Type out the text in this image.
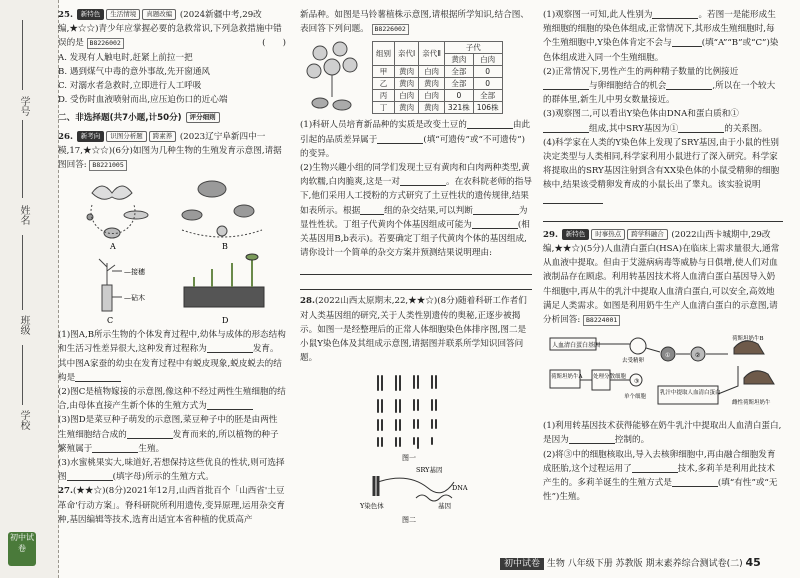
学号
姓名
班级
学校
初中试卷

25. 新特色 生活情境 真题改编 (2024新疆中考,29改编,★☆☆)青少年应掌握必要的急救常识,下列急救措施中错误的是 B8226002	(　　)

A. 发现有人触电时,赶紧上前拉一把

B. 遇到煤气中毒的意外事故,先开窗通风

C. 对溺水者急救时,立即进行人工呼吸

D. 受伤时血液喷射而出,应压迫伤口的近心端

二、非选择题(共7小题,计50分) 评分细则

26. 新考向 识图分析题 跨素养 (2023辽宁阜新四中一模,17,★☆☆)(6分)如图为几种生物的生殖发育示意图,请据图回答: B8221005

A	B
—接穗
—砧木
C	D

(1)图A,B所示生物的个体发育过程中,幼体与成体的形态结构和生活习性差异很大,这种发育过程称为	发育。其中图A家蚕的幼虫在发育过程中有蜕皮现象,蜕皮蜕去的结构是

(2)图C是植物嫁接的示意图,像这种不经过两性生殖细胞的结合,由母体直接产生新个体的生殖方式为

(3)图D是菜豆种子萌发的示意图,菜豆种子中的胚是由两性生殖细胞结合成的	发育而来的,所以植物的种子繁殖属于	生殖。

(3)水蜜桃果实大,味道好,若想保持这些优良的性状,则可选择图	(填字母)所示的生殖方式。

27.(★★☆)(8分)2021年12月,山西首批百个「山西省'土豆革命'行动方案」。脊科研院所利用遗传,变异原理,运用杂交育种,基因编辑等技术,选育出适宜本省种植的优质高产

新品种。如图是马铃薯植株示意图,请根据所学知识,结合图、表回答下列问题。 B8226002

组别	亲代Ⅰ	亲代Ⅱ	子代	
			黄肉	白肉
甲	黄肉	白肉	全部	0
乙	黄肉	黄肉	全部	0
丙	白肉	白肉	0	全部
丁	黄肉	黄肉	321株	106株

(1)科研人员培育新品种的实质是改变土豆的	由此引起的品质差异属于	(填“可遗传”或“不可遗传”)的变异。

(2)生物兴趣小组的同学们发现土豆有黄肉和白肉两种类型,黄肉软糯,白肉脆爽,这是一对	。在农科院老师的指导下,他们采用人工授粉的方式研究了土豆性状的遗传规律,结果如表所示。根据	组的杂交结果,可以判断	为显性性状。丁组子代黄肉个体基因组成可能为	(相关基因用B,b表示)。若要确定丁组子代黄肉个体的基因组成,请你设计一个简单的杂交方案并预测结果说明理由:

28.(2022山西太原期末,22,★★☆)(8分)随着科研工作者们对人类基因组的研究,关于人类性别遗传的奥秘,正逐步被揭示。如图一是经整理后的正常人体细胞染色体排序图,图二是小鼠Y染色体及其组成示意图,请据图并联系所学知识回答问题。

图一
SRY基因
DNA
基因
Y染色体
图二

(1)观察图一可知,此人性别为	。若图一是能形成生殖细胞的细胞的染色体组成,正常情况下,其形成生殖细胞时,每个生殖细胞中,Y染色体肯定不会与	(填“A”“B”或“C”)染色体组成进入同一个生殖细胞。

(2)正常情况下,男性产生的两种精子数量的比例接近与卵细胞结合的机会	,所以在一个较大的群体里,新生儿中男女数量接近。

(3)观察图二,可以看出Y染色体由DNA和蛋白质和①组成,其中SRY基因为①	的关系图。

(4)科学家在人类的Y染色体上发现了SRY基因,由于小鼠的性别决定类型与人类相同,科学家利用小鼠进行了深入研究。科学家将提取出的SRY基因注射到含有XX染色体的小鼠受精卵的细胞核中,结果该受精卵发育成的小鼠长出了睾丸。该实验说明

29. 新特色 时事热点 跨学科融合 (2022山西卡城期中,29改编,★★☆)(5分)人血清白蛋白(HSA)在临床上需求量很大,通常从血液中提取。但由于艾滋病病毒等威胁与日俱增,使人们对血液制品存在顾虑。利用转基因技术将人血清白蛋白基因导入奶牛细胞中,再从牛的乳汁中提取人血清白蛋白,可以安全,高效地满足人类需求。如图是利用奶牛生产人血清白蛋白的示意图,请分析回答: B8224001

人血清白蛋白基因
荷斯坦奶牛A 处理分散细胞
单个细胞
去受精卵
乳汁中提取人血清白蛋白
荷斯坦奶牛B
雌性荷斯坦奶牛
①	②
③

(1)利用转基因技术获得能够在奶牛乳汁中提取出人血清白蛋白,是因为	控制的。

(2)将③中的细胞核取出,导入去核卵细胞中,再由融合细胞发育成胚胎,这个过程运用了	技术,多莉羊是利用此技术产生的。多莉羊诞生的生殖方式是	(填“有性”或“无性”)生殖。

初中试卷 生物 八年级下册 苏教版 期末素养综合测试卷(二) 45
